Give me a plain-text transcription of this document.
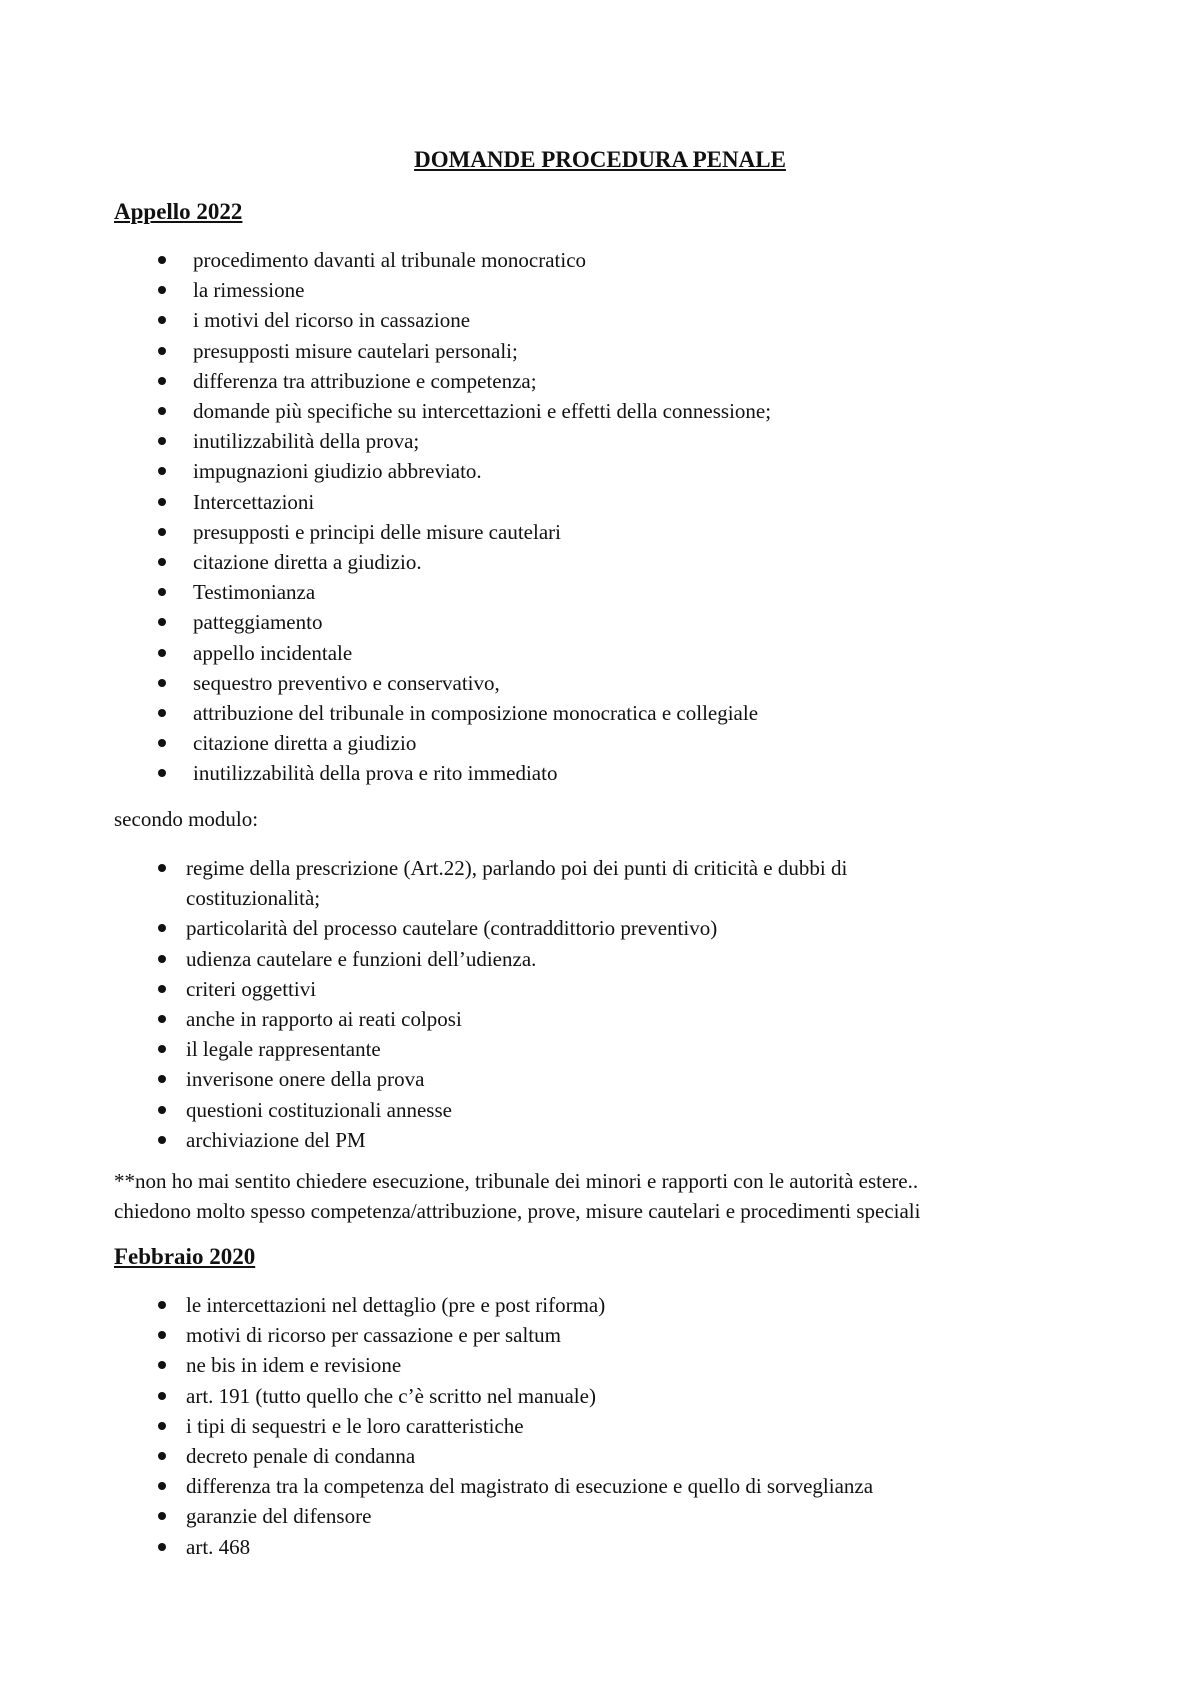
DOMANDE PROCEDURA PENALE
Appello 2022
procedimento davanti al tribunale monocratico
la rimessione
i motivi del ricorso in cassazione
presupposti misure cautelari personali;
differenza tra attribuzione e competenza;
domande più specifiche su intercettazioni e effetti della connessione;
inutilizzabilità della prova;
impugnazioni giudizio abbreviato.
Intercettazioni
presupposti e principi delle misure cautelari
citazione diretta a giudizio.
Testimonianza
patteggiamento
appello incidentale
sequestro preventivo e conservativo,
attribuzione del tribunale in composizione monocratica e collegiale
citazione diretta a giudizio
inutilizzabilità della prova e rito immediato

secondo modulo:

regime della prescrizione (Art.22), parlando poi dei punti di criticità e dubbi di costituzionalità;
particolarità del processo cautelare (contraddittorio preventivo)
udienza cautelare e funzioni dell’udienza.
criteri oggettivi
anche in rapporto ai reati colposi
il legale rappresentante
inverisone onere della prova
questioni costituzionali annesse
archiviazione del PM

**non ho mai sentito chiedere esecuzione, tribunale dei minori e rapporti con le autorità estere..
chiedono molto spesso competenza/attribuzione, prove, misure cautelari e procedimenti speciali

Febbraio 2020
le intercettazioni nel dettaglio (pre e post riforma)
motivi di ricorso per cassazione e per saltum
ne bis in idem e revisione
art. 191 (tutto quello che c’è scritto nel manuale)
i tipi di sequestri e le loro caratteristiche
decreto penale di condanna
differenza tra la competenza del magistrato di esecuzione e quello di sorveglianza
garanzie del difensore
art. 468
